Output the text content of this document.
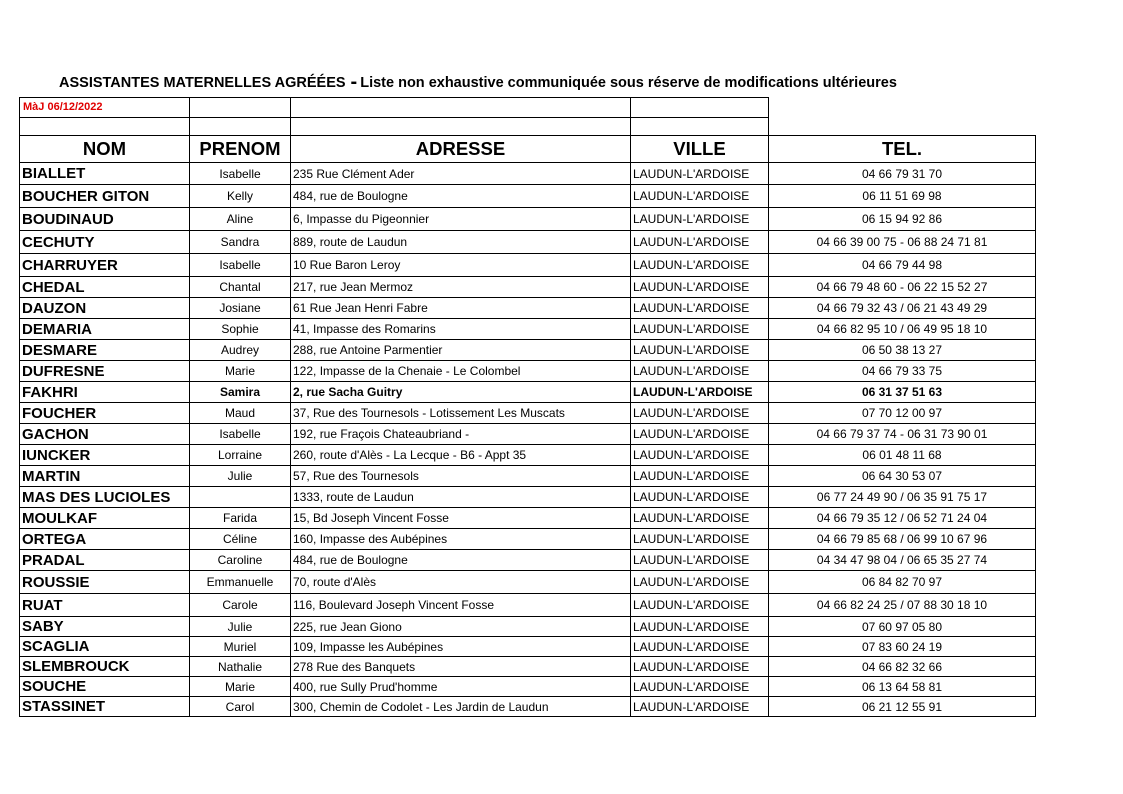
ASSISTANTES MATERNELLES AGRÉÉES - Liste non exhaustive communiquée sous réserve de modifications ultérieures
MàJ 06/12/2022				

NOM	PRENOM	ADRESSE	VILLE	TEL.
BIALLET	Isabelle	235 Rue Clément Ader	LAUDUN-L'ARDOISE	04 66 79 31 70
BOUCHER GITON	Kelly	484, rue de Boulogne	LAUDUN-L'ARDOISE	06 11 51 69 98
BOUDINAUD	Aline	6, Impasse du Pigeonnier	LAUDUN-L'ARDOISE	06 15 94 92 86
CECHUTY	Sandra	889, route de Laudun	LAUDUN-L'ARDOISE	04 66 39 00 75 - 06 88 24 71 81
CHARRUYER	Isabelle	10 Rue Baron Leroy	LAUDUN-L'ARDOISE	04 66 79 44 98
CHEDAL	Chantal	217, rue Jean Mermoz	LAUDUN-L'ARDOISE	04 66 79 48 60 - 06 22 15 52 27
DAUZON	Josiane	61 Rue Jean Henri Fabre	LAUDUN-L'ARDOISE	04 66 79 32 43 / 06 21 43 49 29
DEMARIA	Sophie	41, Impasse des Romarins	LAUDUN-L'ARDOISE	04 66 82 95 10 / 06 49 95 18 10
DESMARE	Audrey	288, rue Antoine Parmentier	LAUDUN-L'ARDOISE	06 50 38 13 27
DUFRESNE	Marie	122, Impasse de la Chenaie - Le Colombel	LAUDUN-L'ARDOISE	04 66 79 33 75
FAKHRI	Samira	2, rue Sacha Guitry	LAUDUN-L'ARDOISE	06 31 37 51 63
FOUCHER	Maud	37, Rue des Tournesols - Lotissement Les Muscats	LAUDUN-L'ARDOISE	07 70 12 00 97
GACHON	Isabelle	192, rue Fraçois Chateaubriand -	LAUDUN-L'ARDOISE	04 66 79 37 74 - 06 31 73 90 01
IUNCKER	Lorraine	260, route d'Alès - La Lecque - B6 - Appt 35	LAUDUN-L'ARDOISE	06 01 48 11 68
MARTIN	Julie	57, Rue des Tournesols	LAUDUN-L'ARDOISE	06 64 30 53 07
MAS DES LUCIOLES		1333, route de Laudun	LAUDUN-L'ARDOISE	06 77 24 49 90 / 06 35 91 75 17
MOULKAF	Farida	15, Bd Joseph Vincent Fosse	LAUDUN-L'ARDOISE	04 66 79 35 12 / 06 52 71 24 04
ORTEGA	Céline	160, Impasse des Aubépines	LAUDUN-L'ARDOISE	04 66 79 85 68 / 06 99 10 67 96
PRADAL	Caroline	484, rue de Boulogne	LAUDUN-L'ARDOISE	04 34 47 98 04 / 06 65 35 27 74
ROUSSIE	Emmanuelle	70, route d'Alès	LAUDUN-L'ARDOISE	06 84 82 70 97
RUAT	Carole	116, Boulevard Joseph Vincent Fosse	LAUDUN-L'ARDOISE	04 66 82 24 25 / 07 88 30 18 10
SABY	Julie	225, rue Jean Giono	LAUDUN-L'ARDOISE	07 60 97 05 80
SCAGLIA	Muriel	109, Impasse les Aubépines	LAUDUN-L'ARDOISE	07 83 60 24 19
SLEMBROUCK	Nathalie	278 Rue des Banquets	LAUDUN-L'ARDOISE	04 66 82 32 66
SOUCHE	Marie	400, rue Sully Prud'homme	LAUDUN-L'ARDOISE	06 13 64 58 81
STASSINET	Carol	300, Chemin de Codolet - Les Jardin de Laudun	LAUDUN-L'ARDOISE	06 21 12 55 91
